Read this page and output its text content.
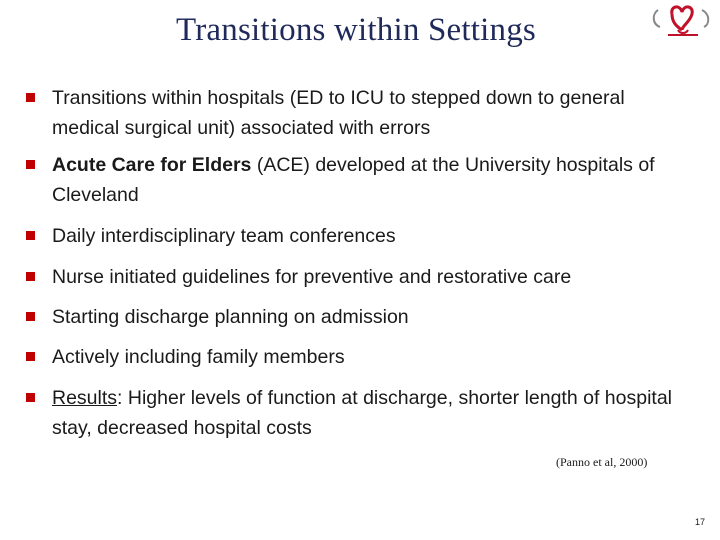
Transitions within Settings
Transitions within hospitals (ED to ICU to stepped down to general medical surgical unit) associated with errors
Acute Care for Elders (ACE) developed at the University hospitals of Cleveland
Daily interdisciplinary team conferences
Nurse initiated guidelines for preventive and restorative care
Starting discharge planning on admission
Actively including family members
Results: Higher levels of function at discharge, shorter length of hospital stay, decreased hospital costs
(Panno et al, 2000)
17
